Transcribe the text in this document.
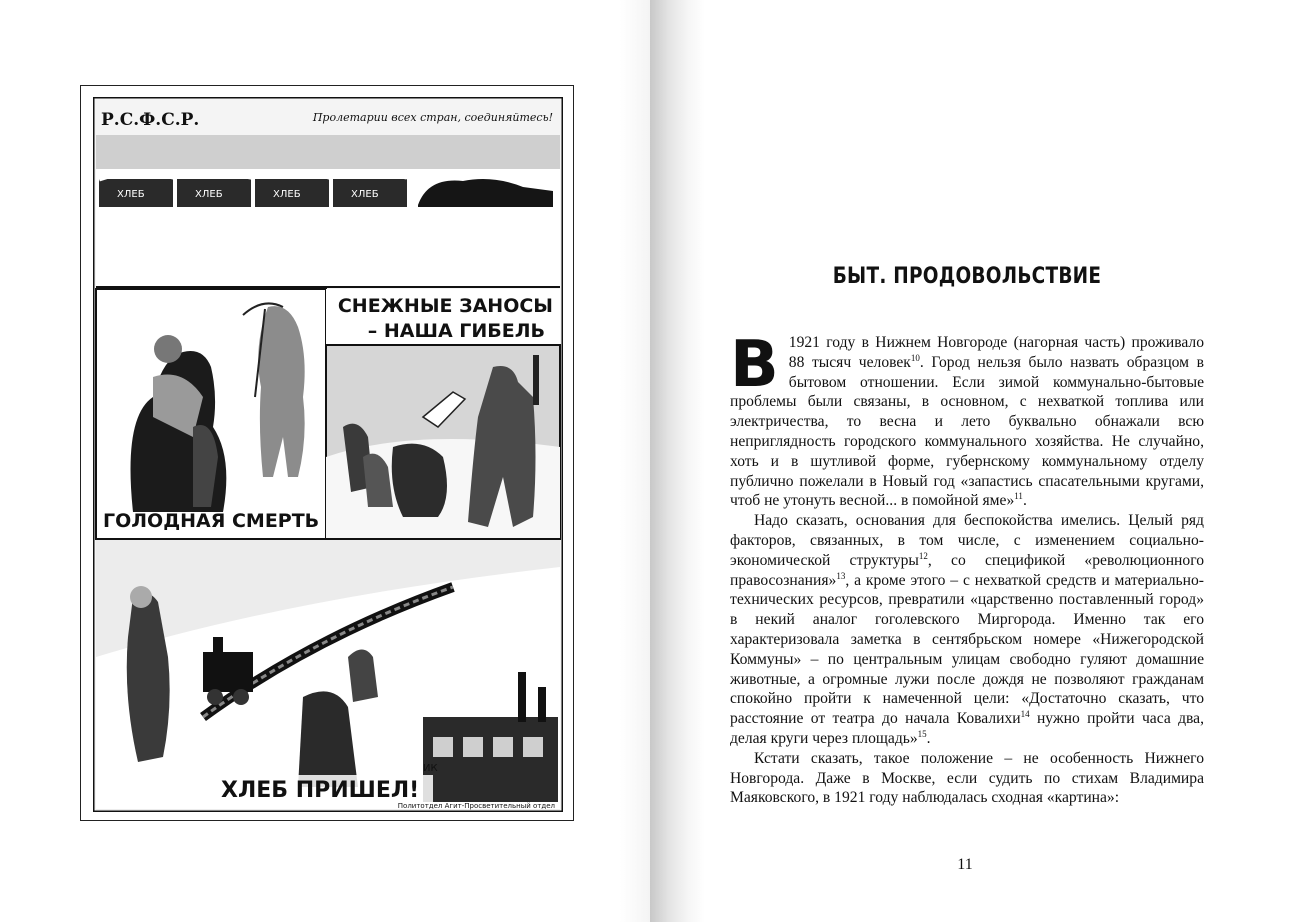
Р.С.Ф.С.Р.	Пролетарии всех стран, соединяйтесь!
ХЛЕБ	ХЛЕБ	ХЛЕБ	ХЛЕБ
ГОЛОДНАЯ СМЕРТЬ
СНЕЖНЫЕ ЗАНОСЫ
– НАША ГИБЕЛЬ
ИК
ХЛЕБ ПРИШЕЛ!
Политотдел Агит-Просветительный отдел
БЫТ. ПРОДОВОЛЬСТВИЕ

В 1921 году в Нижнем Новгороде (нагорная часть) проживало 88 тысяч человек$^{10}$. Город нельзя было назвать образцом в бытовом отношении. Если зимой коммунально-бытовые проблемы были связаны, в основном, с нехваткой топлива или электричества, то весна и лето буквально обнажали всю неприглядность городского коммунального хозяйства. Не случайно, хоть и в шутливой форме, губернскому коммунальному отделу публично пожелали в Новый год «запастись спасательными кругами, чтоб не утонуть весной... в помойной яме»$^{11}$.

Надо сказать, основания для беспокойства имелись. Целый ряд факторов, связанных, в том числе, с изменением социально-экономической структуры$^{12}$, со спецификой «революционного правосознания»$^{13}$, а кроме этого – с нехваткой средств и материально-технических ресурсов, превратили «царственно поставленный город» в некий аналог гоголевского Миргорода. Именно так его характеризовала заметка в сентябрьском номере «Нижегородской Коммуны» – по центральным улицам свободно гуляют домашние животные, а огромные лужи после дождя не позволяют гражданам спокойно пройти к намеченной цели: «Достаточно сказать, что расстояние от театра до начала Ковалихи$^{14}$ нужно пройти часа два, делая круги через площадь»$^{15}$.

Кстати сказать, такое положение – не особенность Нижнего Новгорода. Даже в Москве, если судить по стихам Владимира Маяковского, в 1921 году наблюдалась сходная «картина»:

11
